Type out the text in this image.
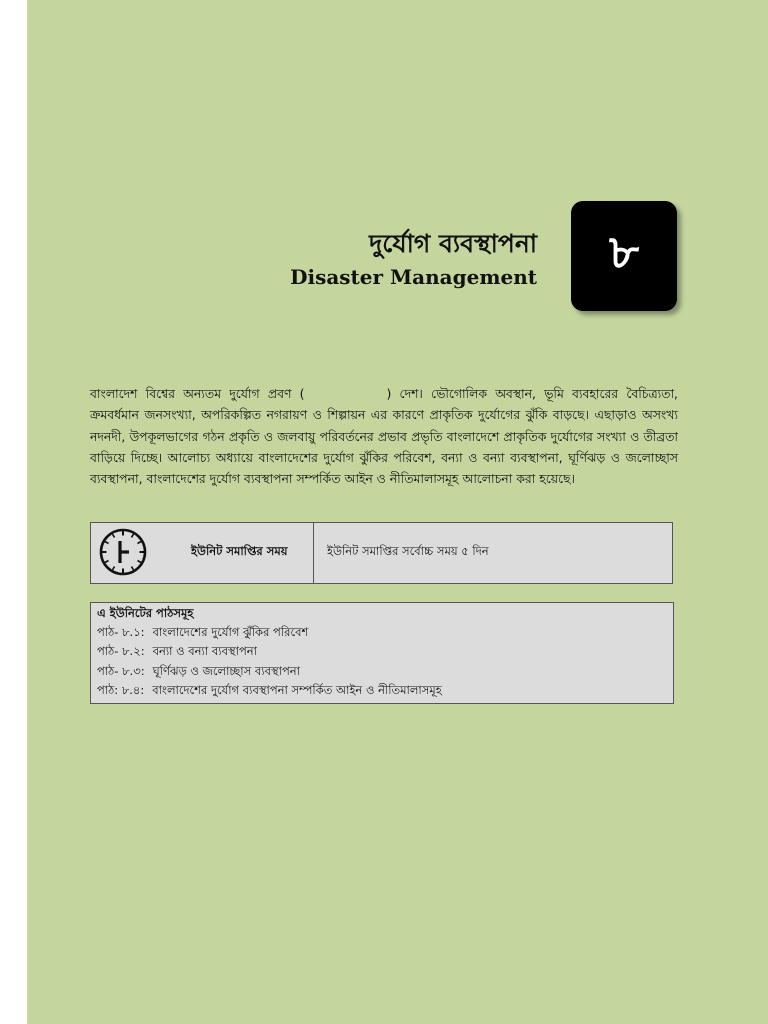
দুর্যোগ ব্যবস্থাপনা
Disaster Management ৮

বাংলাদেশ বিশ্বের অন্যতম দুর্যোগ প্রবণ (	) দেশ। ভৌগোলিক অবস্থান, ভূমি ব্যবহারের বৈচিত্র্যতা, ক্রমবর্ধমান জনসংখ্যা, অপরিকল্পিত নগরায়ণ ও শিল্পায়ন এর কারণে প্রাকৃতিক দুর্যোগের ঝুঁকি বাড়ছে। এছাড়াও অসংখ্য নদনদী, উপকূলভাগের গঠন প্রকৃতি ও জলবায়ু পরিবর্তনের প্রভাব প্রভৃতি বাংলাদেশে প্রাকৃতিক দুর্যোগের সংখ্যা ও তীব্রতা বাড়িয়ে দিচ্ছে। আলোচ্য অধ্যায়ে বাংলাদেশের দুর্যোগ ঝুঁকির পরিবেশ, বন্যা ও বন্যা ব্যবস্থাপনা, ঘূর্ণিঝড় ও জলোচ্ছাস ব্যবস্থাপনা, বাংলাদেশের দুর্যোগ ব্যবস্থাপনা সম্পর্কিত আইন ও নীতিমালাসমূহ আলোচনা করা হয়েছে।

ইউনিট সমাপ্তির সময়	ইউনিট সমাপ্তির সর্বোচ্চ সময় ৫ দিন
এ ইউনিটের পাঠসমূহ
পাঠ- ৮.১: বাংলাদেশের দুর্যোগ ঝুঁকির পরিবেশ
পাঠ- ৮.২: বন্যা ও বন্যা ব্যবস্থাপনা
পাঠ- ৮.৩: ঘূর্ণিঝড় ও জলোচ্ছাস ব্যবস্থাপনা
পাঠ: ৮.৪: বাংলাদেশের দুর্যোগ ব্যবস্থাপনা সম্পর্কিত আইন ও নীতিমালাসমূহ
